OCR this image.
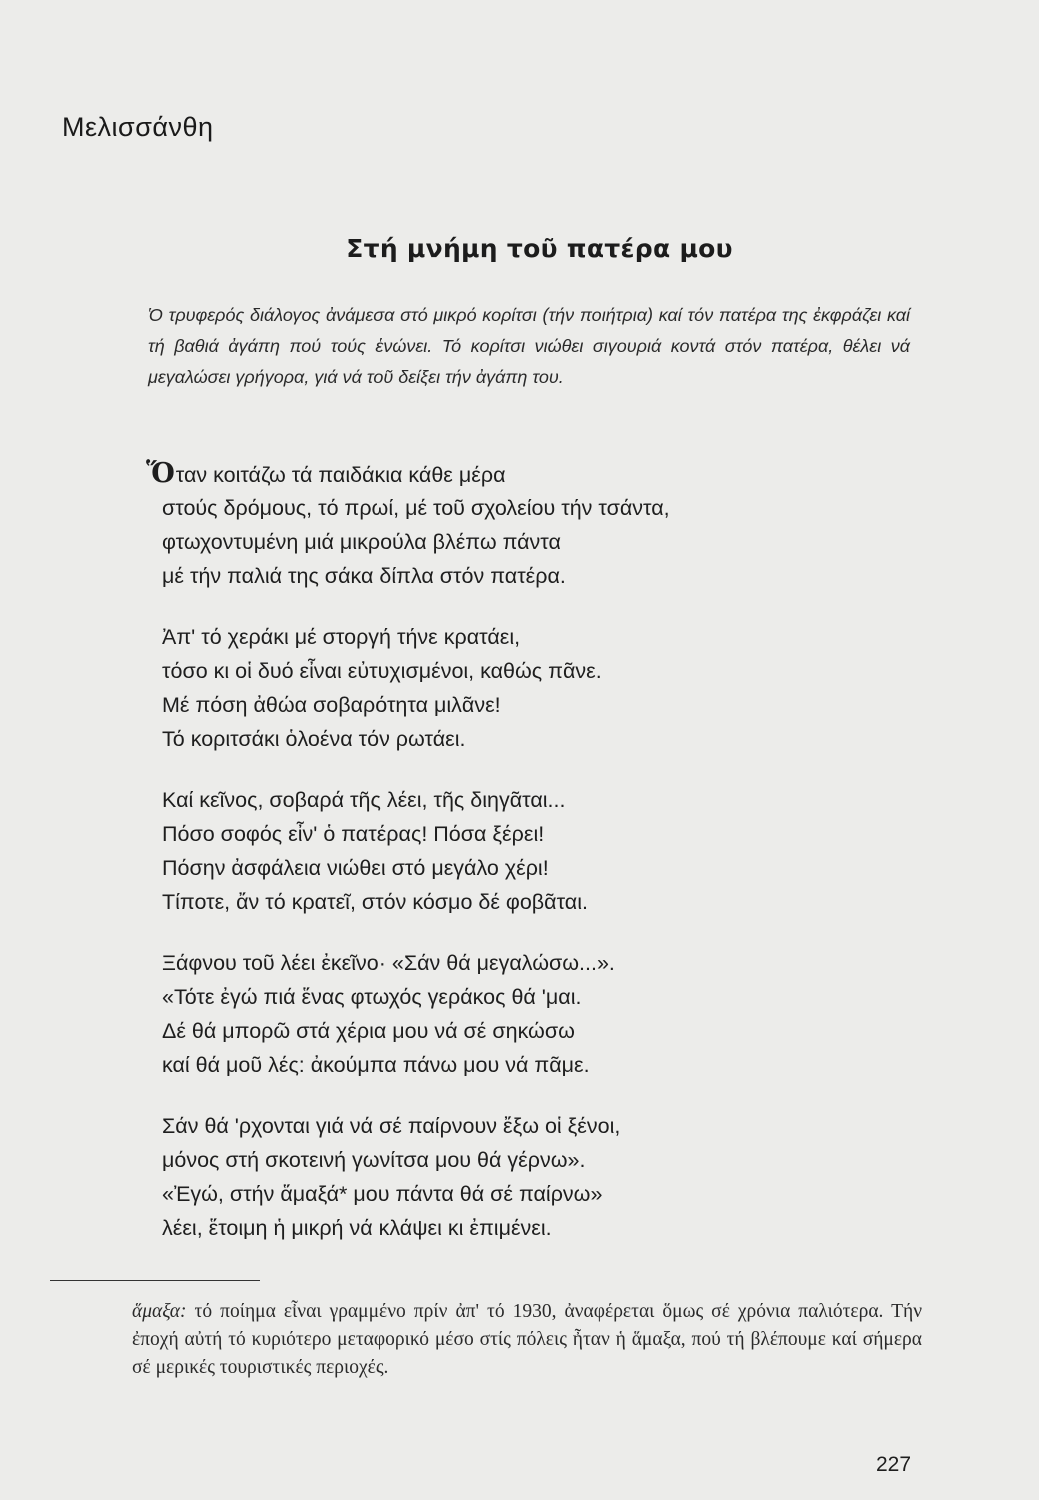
Μελισσάνθη
Στή μνήμη τοῦ πατέρα μου

Ὁ τρυφερός διάλογος ἀνάμεσα στό μικρό κορίτσι (τήν ποιήτρια) καί τόν πατέρα της ἐκφράζει καί τή βαθιά ἀγάπη πού τούς ἑνώνει. Τό κορίτσι νιώθει σιγουριά κοντά στόν πατέρα, θέλει νά μεγαλώσει γρήγορα, γιά νά τοῦ δείξει τήν ἀγάπη του.

Ὅταν κοιτάζω τά παιδάκια κάθε μέρα
στούς δρόμους, τό πρωί, μέ τοῦ σχολείου τήν τσάντα,
φτωχοντυμένη μιά μικρούλα βλέπω πάντα
μέ τήν παλιά της σάκα δίπλα στόν πατέρα.
Ἀπ' τό χεράκι μέ στοργή τήνε κρατάει,
τόσο κι οἱ δυό εἶναι εὐτυχισμένοι, καθώς πᾶνε.
Μέ πόση ἀθώα σοβαρότητα μιλᾶνε!
Τό κοριτσάκι ὁλοένα τόν ρωτάει.
Καί κεῖνος, σοβαρά τῆς λέει, τῆς διηγᾶται...
Πόσο σοφός εἶν' ὁ πατέρας! Πόσα ξέρει!
Πόσην ἀσφάλεια νιώθει στό μεγάλο χέρι!
Τίποτε, ἄν τό κρατεῖ, στόν κόσμο δέ φοβᾶται.
Ξάφνου τοῦ λέει ἐκεῖνο· «Σάν θά μεγαλώσω...».
«Τότε ἐγώ πιά ἕνας φτωχός γεράκος θά 'μαι.
Δέ θά μπορῶ στά χέρια μου νά σέ σηκώσω
καί θά μοῦ λές: ἀκούμπα πάνω μου νά πᾶμε.
Σάν θά 'ρχονται γιά νά σέ παίρνουν ἔξω οἱ ξένοι,
μόνος στή σκοτεινή γωνίτσα μου θά γέρνω».
«Ἐγώ, στήν ἅμαξά* μου πάντα θά σέ παίρνω»
λέει, ἕτοιμη ἡ μικρή νά κλάψει κι ἐπιμένει.

ἅμαξα: τό ποίημα εἶναι γραμμένο πρίν ἀπ' τό 1930, ἀναφέρεται ὅμως σέ χρόνια παλιότερα. Τήν ἐποχή αὐτή τό κυριότερο μεταφορικό μέσο στίς πόλεις ἦταν ἡ ἅμαξα, πού τή βλέπουμε καί σήμερα σέ μερικές τουριστικές περιοχές.

227
